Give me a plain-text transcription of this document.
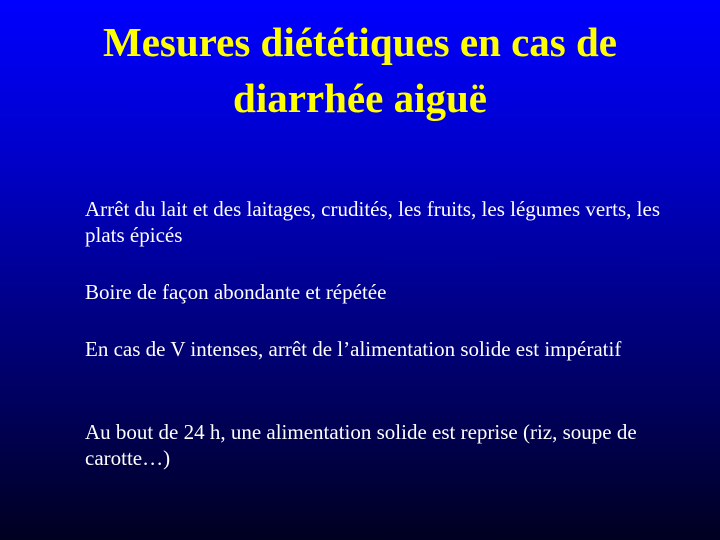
Mesures diététiques en cas de
diarrhée aiguë
Arrêt du lait et des laitages, crudités, les fruits, les légumes verts, les plats épicés
Boire de façon abondante et répétée
En cas de V intenses, arrêt de l’alimentation solide est impératif
Au bout de 24 h, une alimentation solide est reprise (riz, soupe de carotte…)
